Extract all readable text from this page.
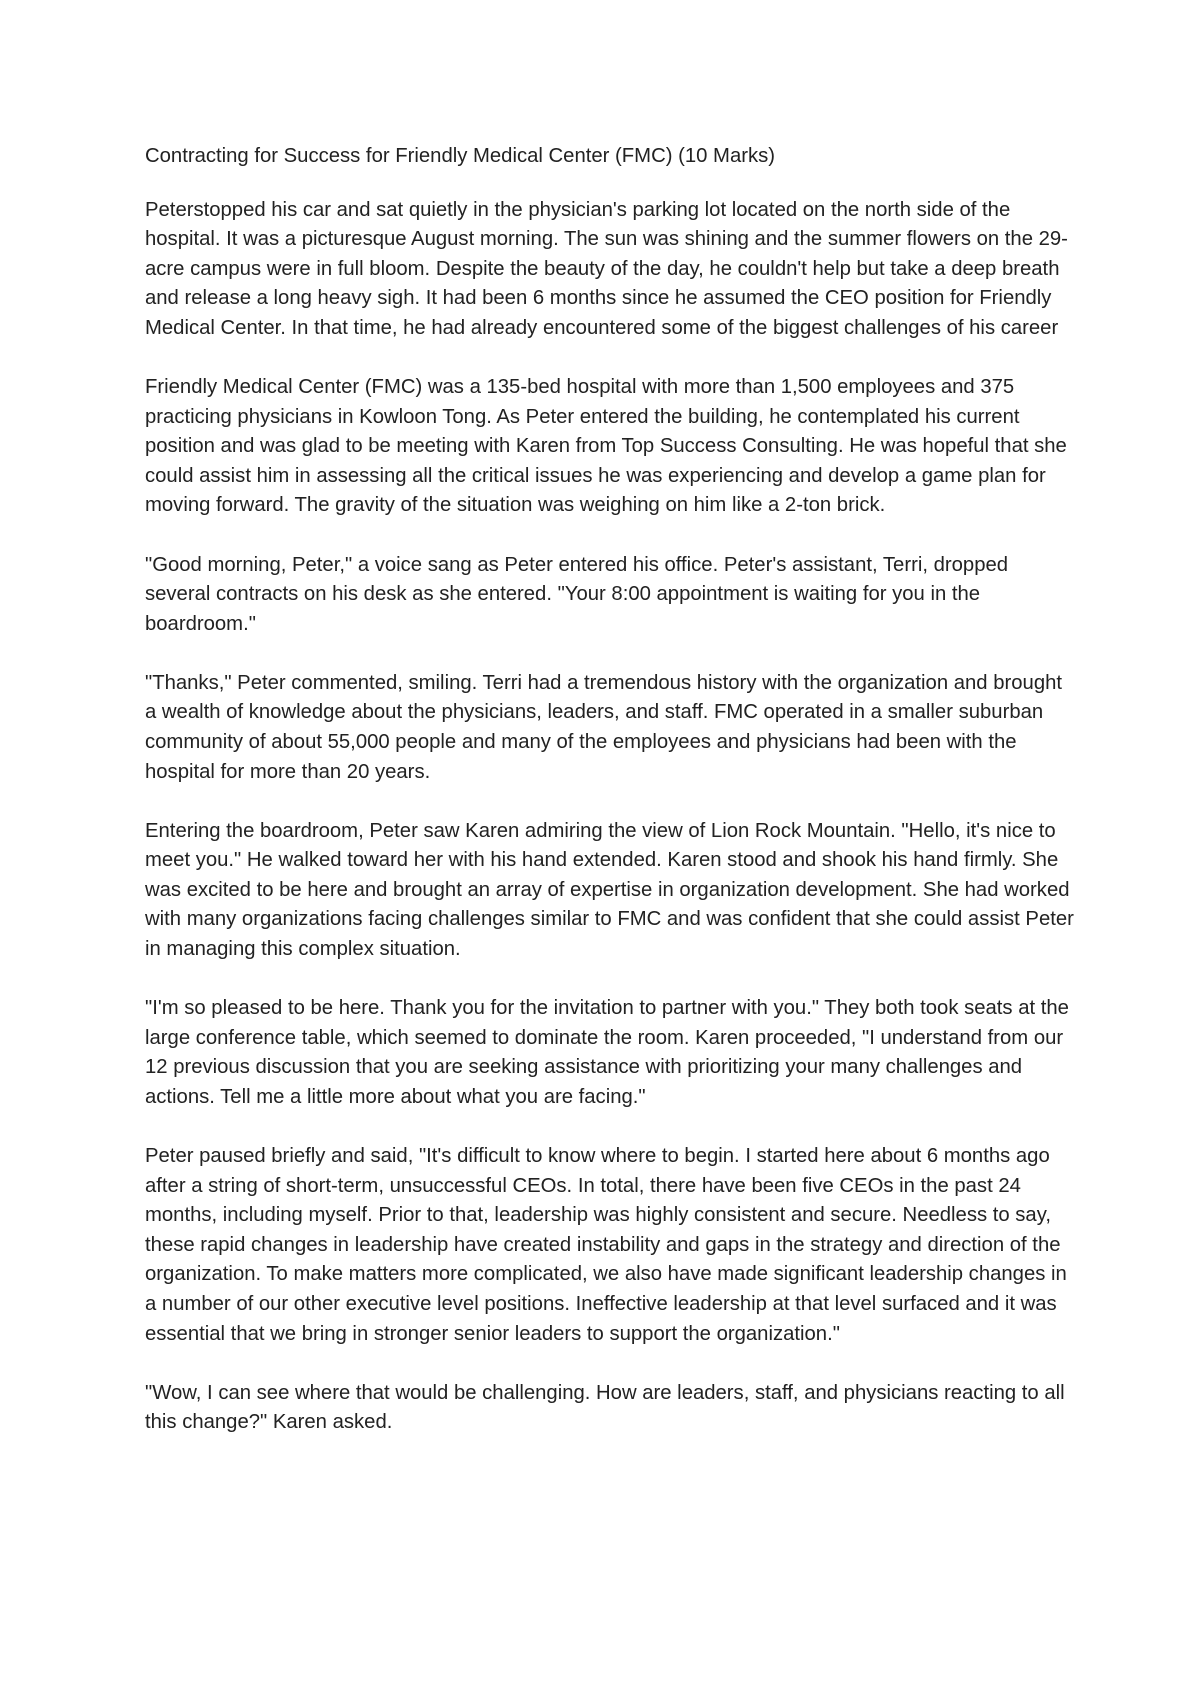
Contracting for Success for Friendly Medical Center (FMC) (10 Marks)

Peterstopped his car and sat quietly in the physician's parking lot located on the north side of the hospital. It was a picturesque August morning. The sun was shining and the summer flowers on the 29-acre campus were in full bloom. Despite the beauty of the day, he couldn't help but take a deep breath and release a long heavy sigh. It had been 6 months since he assumed the CEO position for Friendly Medical Center. In that time, he had already encountered some of the biggest challenges of his career

Friendly Medical Center (FMC) was a 135-bed hospital with more than 1,500 employees and 375 practicing physicians in Kowloon Tong. As Peter entered the building, he contemplated his current position and was glad to be meeting with Karen from Top Success Consulting. He was hopeful that she could assist him in assessing all the critical issues he was experiencing and develop a game plan for moving forward. The gravity of the situation was weighing on him like a 2-ton brick.

"Good morning, Peter," a voice sang as Peter entered his office. Peter's assistant, Terri, dropped several contracts on his desk as she entered. "Your 8:00 appointment is waiting for you in the boardroom."

"Thanks," Peter commented, smiling. Terri had a tremendous history with the organization and brought a wealth of knowledge about the physicians, leaders, and staff. FMC operated in a smaller suburban community of about 55,000 people and many of the employees and physicians had been with the hospital for more than 20 years.

Entering the boardroom, Peter saw Karen admiring the view of Lion Rock Mountain. "Hello, it's nice to meet you." He walked toward her with his hand extended. Karen stood and shook his hand firmly. She was excited to be here and brought an array of expertise in organization development. She had worked with many organizations facing challenges similar to FMC and was confident that she could assist Peter in managing this complex situation.

"I'm so pleased to be here. Thank you for the invitation to partner with you." They both took seats at the large conference table, which seemed to dominate the room. Karen proceeded, "I understand from our 12 previous discussion that you are seeking assistance with prioritizing your many challenges and actions. Tell me a little more about what you are facing."

Peter paused briefly and said, "It's difficult to know where to begin. I started here about 6 months ago after a string of short-term, unsuccessful CEOs. In total, there have been five CEOs in the past 24 months, including myself. Prior to that, leadership was highly consistent and secure. Needless to say, these rapid changes in leadership have created instability and gaps in the strategy and direction of the organization. To make matters more complicated, we also have made significant leadership changes in a number of our other executive level positions. Ineffective leadership at that level surfaced and it was essential that we bring in stronger senior leaders to support the organization."

"Wow, I can see where that would be challenging. How are leaders, staff, and physicians reacting to all this change?" Karen asked.
